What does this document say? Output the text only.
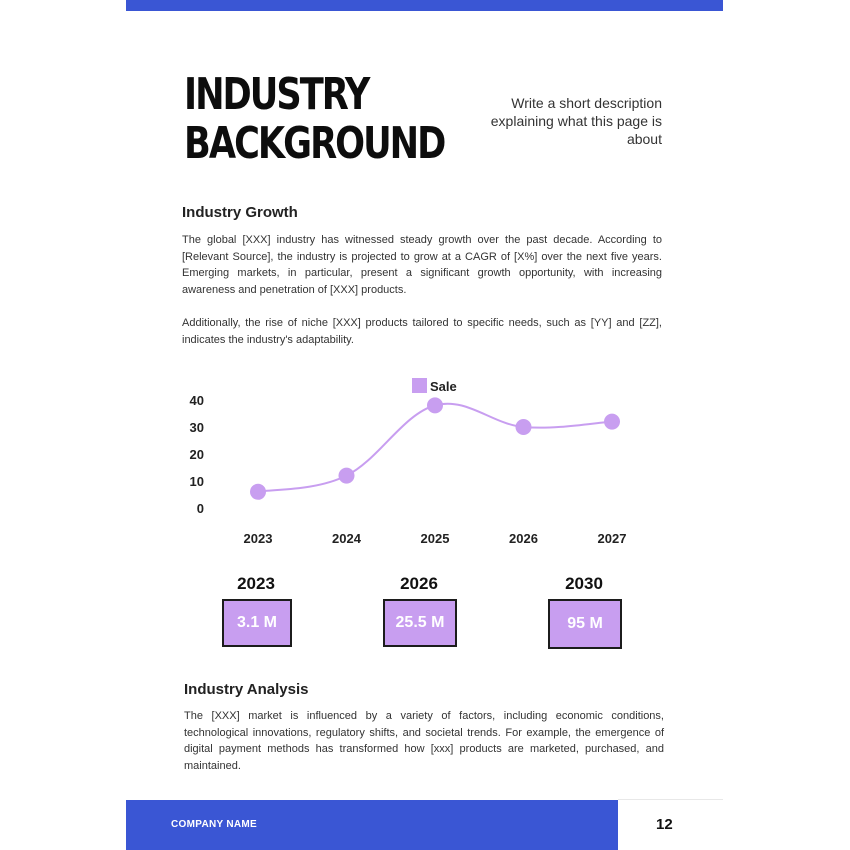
INDUSTRY
BACKGROUND
Write a short description explaining what this page is about
Industry Growth

The global [XXX] industry has witnessed steady growth over the past decade. According to [Relevant Source], the industry is projected to grow at a CAGR of [X%] over the next five years. Emerging markets, in particular, present a significant growth opportunity, with increasing awareness and penetration of [XXX] products.

Additionally, the rise of niche [XXX] products tailored to specific needs, such as [YY] and [ZZ], indicates the industry's adaptability.

0
10
20
30
40
2023	2024	2025	2026	2027
Sale
2023
3.1 M
2026
25.5 M
2030
95 M
Industry Analysis

The [XXX] market is influenced by a variety of factors, including economic conditions, technological innovations, regulatory shifts, and societal trends. For example, the emergence of digital payment methods has transformed how [xxx] products are marketed, purchased, and maintained.

COMPANY NAME	12
